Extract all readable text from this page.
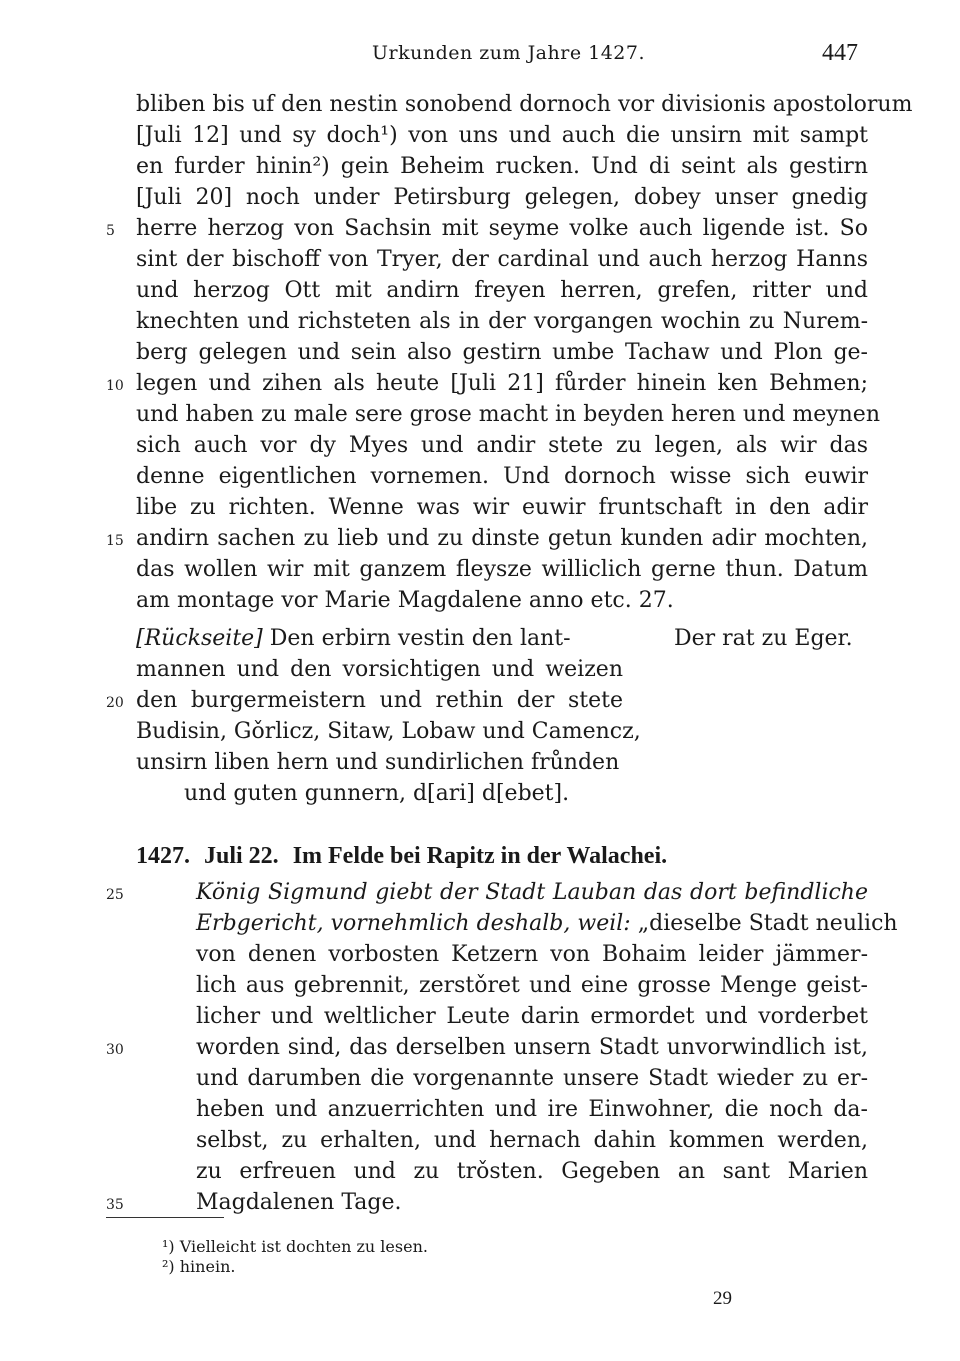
Urkunden zum Jahre 1427.	447
bliben bis uf den nestin sonobend dornoch vor divisionis apostolorum
[Juli 12] und sy doch¹) von uns und auch die unsirn mit sampt
en furder hinin²) gein Beheim rucken. Und di seint als gestirn
[Juli 20] noch under Petirsburg gelegen, dobey unser gnedig
herre herzog von Sachsin mit seyme volke auch ligende ist. So
sint der bischoff von Tryer, der cardinal und auch herzog Hanns
und herzog Ott mit andirn freyen herren, grefen, ritter und
knechten und richsteten als in der vorgangen wochin zu Nurem-
berg gelegen und sein also gestirn umbe Tachaw und Plon ge-
legen und zihen als heute [Juli 21] fůrder hinein ken Behmen;
und haben zu male sere grose macht in beyden heren und meynen
sich auch vor dy Myes und andir stete zu legen, als wir das
denne eigentlichen vornemen. Und dornoch wisse sich euwir
libe zu richten. Wenne was wir euwir fruntschaft in den adir
andirn sachen zu lieb und zu dinste getun kunden adir mochten,
das wollen wir mit ganzem fleysze williclich gerne thun. Datum
am montage vor Marie Magdalene anno etc. 27.
[Rückseite] Den erbirn vestin den lant-
mannen und den vorsichtigen und weizen
den burgermeistern und rethin der stete
Budisin, Gǒrlicz, Sitaw, Lobaw und Camencz,
unsirn liben hern und sundirlichen frůnden
und guten gunnern, d[ari] d[ebet].
Der rat zu Eger.
1427. Juli 22. Im Felde bei Rapitz in der Walachei.
König Sigmund giebt der Stadt Lauban das dort befindliche
Erbgericht, vornehmlich deshalb, weil: „dieselbe Stadt neulich
von denen vorbosten Ketzern von Bohaim leider jämmer-
lich aus gebrennit, zerstǒret und eine grosse Menge geist-
licher und weltlicher Leute darin ermordet und vorderbet
worden sind, das derselben unsern Stadt unvorwindlich ist,
und darumben die vorgenannte unsere Stadt wieder zu er-
heben und anzuerrichten und ire Einwohner, die noch da-
selbst, zu erhalten, und hernach dahin kommen werden,
zu erfreuen und zu trǒsten. Gegeben an sant Marien
Magdalenen Tage.
5
10
15
20
25
30
35
¹) Vielleicht ist dochten zu lesen.
²) hinein.
29
